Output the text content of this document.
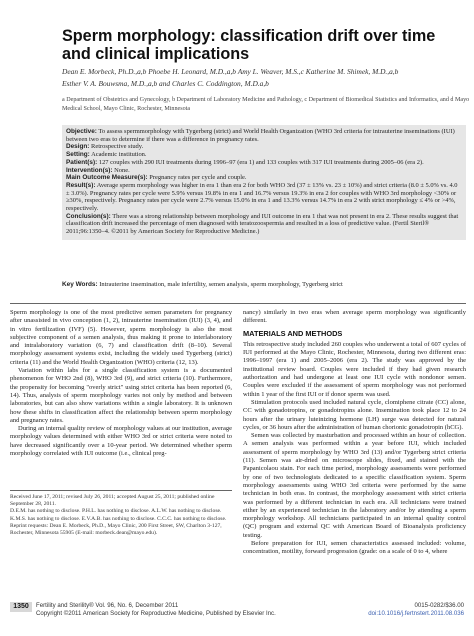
Sperm morphology: classification drift over time and clinical implications
Dean E. Morbeck, Ph.D.,a,b Phoebe H. Leonard, M.D.,a,b Amy L. Weaver, M.S.,c Katherine M. Shimek, M.D.,a,b
Esther V. A. Bouwsma, M.D.,a,b and Charles C. Coddington, M.D.a,b
a Department of Obstetrics and Gynecology, b Department of Laboratory Medicine and Pathology, c Department of Biomedical Statistics and Informatics, and d Mayo Medical School, Mayo Clinic, Rochester, Minnesota

Objective: To assess spermmorphology with Tygerberg (strict) and World Health Organization (WHO 3rd criteria for intrauterine inseminations (IUI) between two eras to determine if there was a difference in pregnancy rates.

Design: Retrospective study.

Setting: Academic institution.

Patient(s): 127 couples with 290 IUI treatments during 1996–97 (era 1) and 133 couples with 317 IUI treatments during 2005–06 (era 2).

Intervention(s): None.

Main Outcome Measure(s): Pregnancy rates per cycle and couple.

Result(s): Average sperm morphology was higher in era 1 than era 2 for both WHO 3rd (37 ± 13% vs. 23 ± 10%) and strict criteria (8.0 ± 5.0% vs. 4.0 ± 3.0%). Pregnancy rates per cycle were 5.9% versus 19.8% in era 1 and 16.7% versus 19.3% in era 2 for couples with WHO 3rd morphology <30% or ≥30%, respectively. Pregnancy rates per cycle were 2.7% versus 15.0% in era 1 and 13.3% versus 14.7% in era 2 with strict morphology ≤ 4% or >4%, respectively.

Conclusion(s): There was a strong relationship between morphology and IUI outcome in era 1 that was not present in era 2. These results suggest that classification drift increased the percentage of men diagnosed with teratozoospermia and resulted in a loss of predictive value. (Fertil Steril® 2011;96:1350–4. ©2011 by American Society for Reproductive Medicine.)

Key Words: Intrauterine insemination, male infertility, semen analysis, sperm morphology, Tygerberg strict

Sperm morphology is one of the most predictive semen parameters for pregnancy after unassisted in vivo conception (1, 2), intrauterine insemination (IUI) (3, 4), and in vitro fertilization (IVF) (5). However, sperm morphology is also the most subjective component of a semen analysis, thus making it prone to interlaboratory and intralaboratory variation (6, 7) and classification drift (8–10). Several morphology assessment systems exist, including the widely used Tygerberg (strict) criteria (11) and the World Health Organization (WHO) criteria (12, 13).

Variation within labs for a single classification system is a documented phenomenon for WHO 2nd (8), WHO 3rd (9), and strict criteria (10). Furthermore, the propensity for becoming "overly strict" using strict criteria has been reported (6, 14). Thus, analysis of sperm morphology varies not only by method and between laboratories, but can also show variations within a single laboratory. It is unknown how these shifts in classification affect the relationship between sperm morphology and pregnancy rates.

During an internal quality review of morphology values at our institution, average morphology values determined with either WHO 3rd or strict criteria were noted to have decreased significantly over a 10-year period. We determined whether sperm morphology correlated with IUI outcome (i.e., clinical preg-

Received June 17, 2011; revised July 26, 2011; accepted August 25, 2011; published online September 28, 2011.
D.E.M. has nothing to disclose. P.H.L. has nothing to disclose. A.L.W. has nothing to disclose. K.M.S. has nothing to disclose. E.V.A.B. has nothing to disclose. C.C.C. has nothing to disclose.
Reprint requests: Dean E. Morbeck, Ph.D., Mayo Clinic, 200 First Street, SW, Charlton 3-127, Rochester, Minnesota 55905 (E-mail: morbeck.dean@mayo.edu).

nancy) similarly in two eras when average sperm morphology was significantly different.

MATERIALS AND METHODS

This retrospective study included 260 couples who underwent a total of 607 cycles of IUI performed at the Mayo Clinic, Rochester, Minnesota, during two different eras: 1996–1997 (era 1) and 2005–2006 (era 2). The study was approved by the institutional review board. Couples were included if they had given research authorization and had undergone at least one IUI cycle with nondonor semen. Couples were excluded if the assessment of sperm morphology was not performed within 1 year of the first IUI or if donor sperm was used.

Stimulation protocols used included natural cycle, clomiphene citrate (CC) alone, CC with gonadotropins, or gonadotropins alone. Insemination took place 12 to 24 hours after the urinary luteinizing hormone (LH) surge was detected for natural cycles, or 36 hours after the administration of human chorionic gonadotropin (hCG).

Semen was collected by masturbation and processed within an hour of collection. A semen analysis was performed within a year before IUI, which included assessment of sperm morphology by WHO 3rd (13) and/or Tygerberg strict criteria (11). Semen was air-dried on microscope slides, fixed, and stained with the Papanicolaou stain. For each time period, morphology assessments were performed by one of two technologists dedicated to a specific classification system. Sperm morphology assessments using WHO 3rd criteria were performed by the same technician in both eras. In contrast, the morphology assessment with strict criteria was performed by a different technician in each era. All technicians were trained either by an experienced technician in the laboratory and/or by attending a sperm morphology workshop. All technicians participated in an internal quality control (QC) program and external QC with American Board of Bioanalysis proficiency testing.

Before preparation for IUI, semen characteristics assessed included: volume, concentration, motility, forward progression (grade: on a scale of 0 to 4, where

1350	Fertility and Sterility® Vol. 96, No. 6, December 2011
Copyright ©2011 American Society for Reproductive Medicine, Published by Elsevier Inc.
0015-0282/$36.00
doi:10.1016/j.fertnstert.2011.08.036
